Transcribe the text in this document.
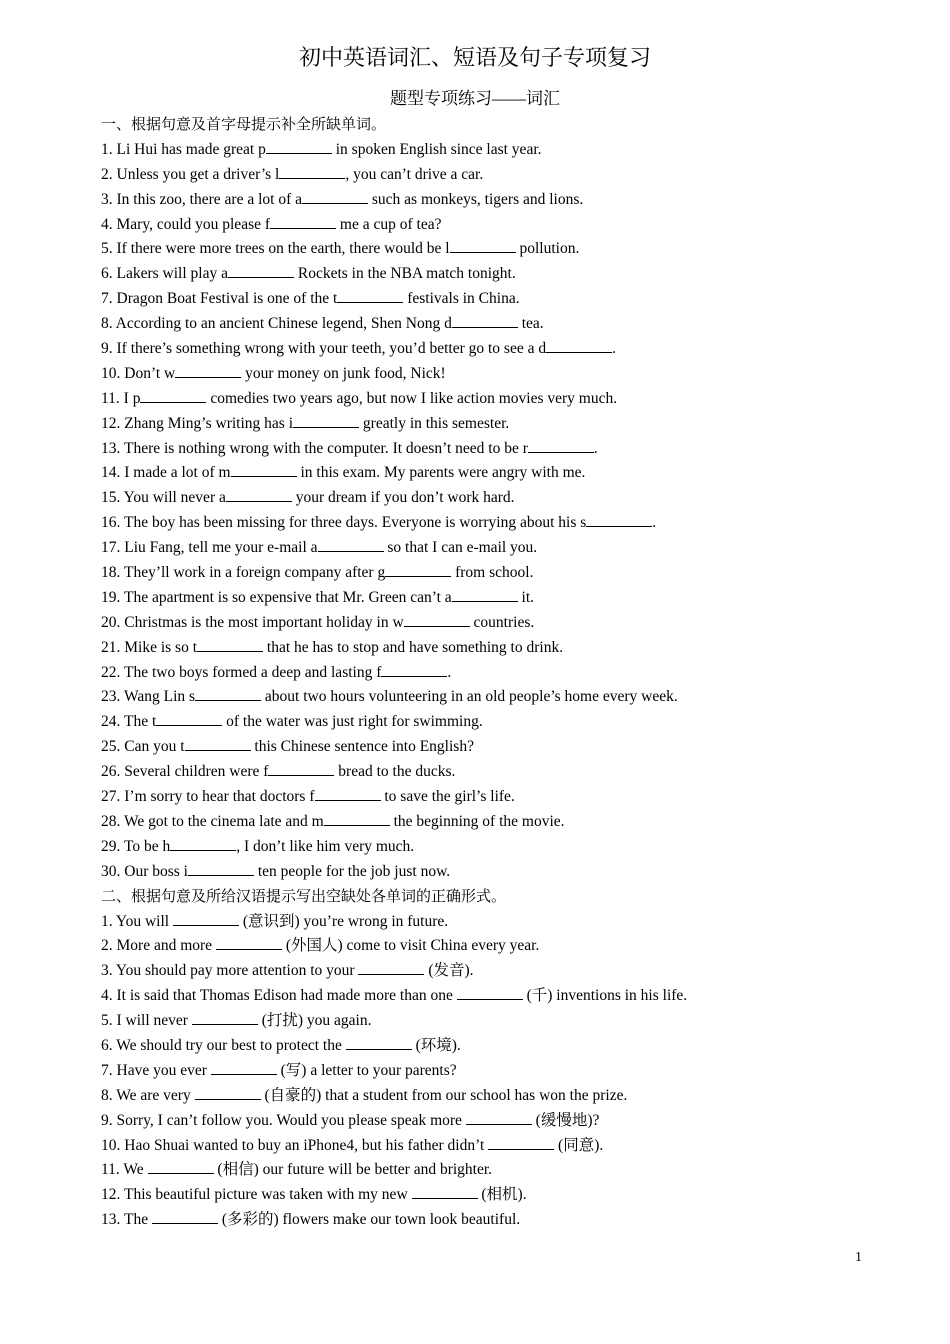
初中英语词汇、短语及句子专项复习
题型专项练习——词汇
一、根据句意及首字母提示补全所缺单词。
1. Li Hui has made great p	in spoken English since last year.
2. Unless you get a driver’s l	, you can’t drive a car.
3. In this zoo, there are a lot of a	such as monkeys, tigers and lions.
4. Mary, could you please f	me a cup of tea?
5. If there were more trees on the earth, there would be l	pollution.
6. Lakers will play a	Rockets in the NBA match tonight.
7. Dragon Boat Festival is one of the t	festivals in China.
8. According to an ancient Chinese legend, Shen Nong d	tea.
9. If there’s something wrong with your teeth, you’d better go to see a d	.
10. Don’t w	your money on junk food, Nick!
11. I p	comedies two years ago, but now I like action movies very much.
12. Zhang Ming’s writing has i	greatly in this semester.
13. There is nothing wrong with the computer. It doesn’t need to be r	.
14. I made a lot of m	in this exam. My parents were angry with me.
15. You will never a	your dream if you don’t work hard.
16. The boy has been missing for three days. Everyone is worrying about his s	.
17. Liu Fang, tell me your e-mail a	so that I can e-mail you.
18. They’ll work in a foreign company after g	from school.
19. The apartment is so expensive that Mr. Green can’t a	it.
20. Christmas is the most important holiday in w	countries.
21. Mike is so t	that he has to stop and have something to drink.
22. The two boys formed a deep and lasting f	.
23. Wang Lin s	about two hours volunteering in an old people’s home every week.
24. The t	of the water was just right for swimming.
25. Can you t	this Chinese sentence into English?
26. Several children were f	bread to the ducks.
27. I’m sorry to hear that doctors f	to save the girl’s life.
28. We got to the cinema late and m	the beginning of the movie.
29. To be h	, I don’t like him very much.
30. Our boss i	ten people for the job just now.
二、根据句意及所给汉语提示写出空缺处各单词的正确形式。
1. You will	(意识到) you’re wrong in future.
2. More and more	(外国人) come to visit China every year.
3. You should pay more attention to your	(发音).
4. It is said that Thomas Edison had made more than one	(千) inventions in his life.
5. I will never	(打扰) you again.
6. We should try our best to protect the	(环境).
7. Have you ever	(写) a letter to your parents?
8. We are very	(自豪的) that a student from our school has won the prize.
9. Sorry, I can’t follow you. Would you please speak more	(缓慢地)?
10. Hao Shuai wanted to buy an iPhone4, but his father didn’t	(同意).
11. We	(相信) our future will be better and brighter.
12. This beautiful picture was taken with my new	(相机).
13. The	(多彩的) flowers make our town look beautiful.
1
